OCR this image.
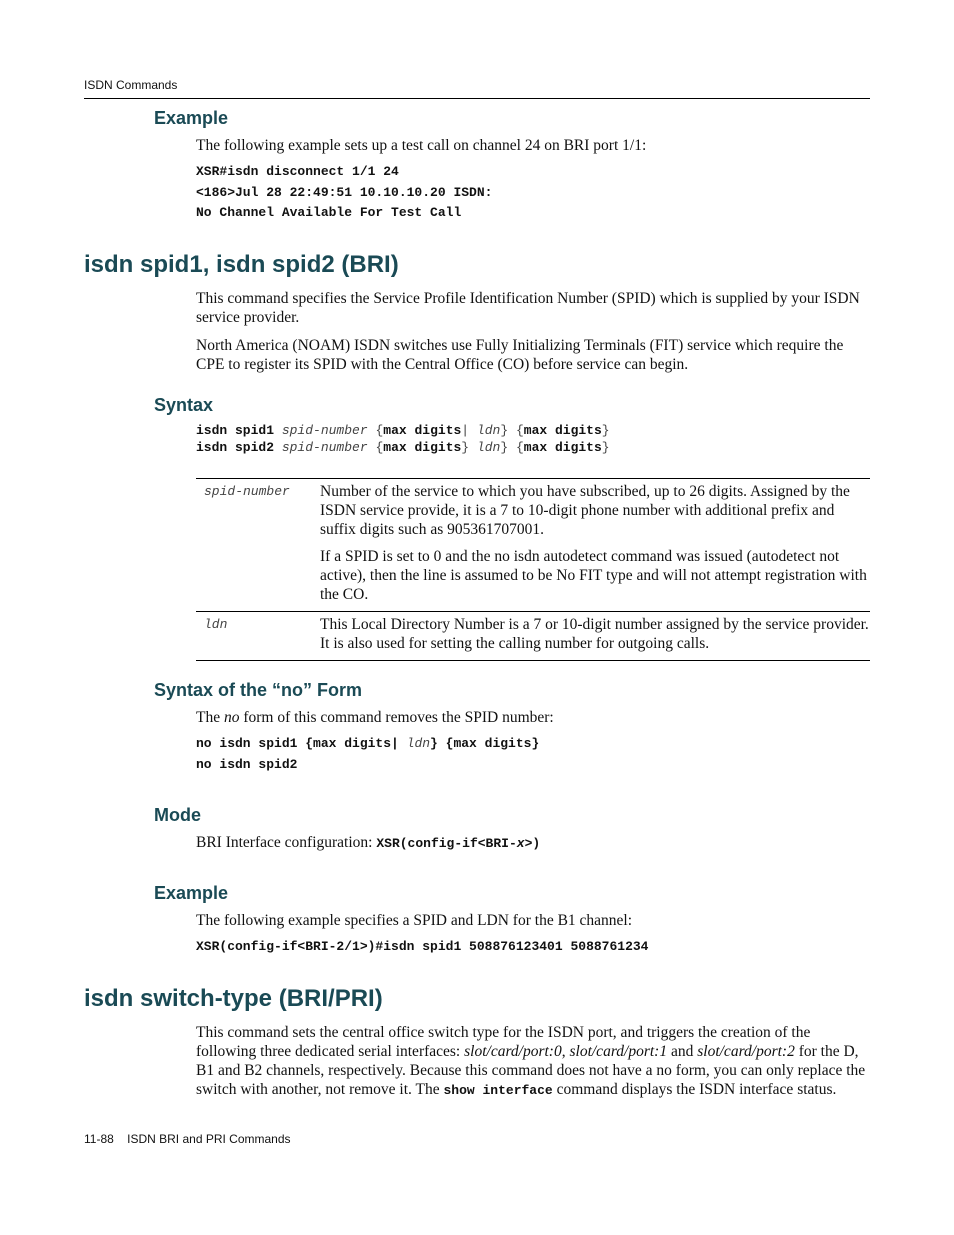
ISDN Commands
Example

The following example sets up a test call on channel 24 on BRI port 1/1:

XSR#isdn disconnect 1/1 24
<186>Jul 28 22:49:51 10.10.10.20 ISDN:
No Channel Available For Test Call
isdn spid1, isdn spid2 (BRI)

This command specifies the Service Profile Identification Number (SPID) which is supplied by your ISDN service provider.

North America (NOAM) ISDN switches use Fully Initializing Terminals (FIT) service which require the CPE to register its SPID with the Central Office (CO) before service can begin.

Syntax
isdn spid1 spid-number {max digits| ldn} {max digits}
isdn spid2 spid-number {max digits} ldn} {max digits}
spid-number	Number of the service to which you have subscribed, up to 26 digits. Assigned by the ISDN service provide, it is a 7 to 10-digit phone number with additional prefix and suffix digits such as 905361707001.

If a SPID is set to 0 and the no isdn autodetect command was issued (autodetect not active), then the line is assumed to be No FIT type and will not attempt registration with the CO.

ldn	This Local Directory Number is a 7 or 10-digit number assigned by the service provider. It is also used for setting the calling number for outgoing calls.

Syntax of the “no” Form

The no form of this command removes the SPID number:

no isdn spid1 {max digits| ldn} {max digits}
no isdn spid2
Mode

BRI Interface configuration: XSR(config-if<BRI-x>)

Example

The following example specifies a SPID and LDN for the B1 channel:

XSR(config-if<BRI-2/1>)#isdn spid1 508876123401 5088761234
isdn switch-type (BRI/PRI)

This command sets the central office switch type for the ISDN port, and triggers the creation of the following three dedicated serial interfaces: slot/card/port:0, slot/card/port:1 and slot/card/port:2 for the D, B1 and B2 channels, respectively. Because this command does not have a no form, you can only replace the switch with another, not remove it. The show interface command displays the ISDN interface status.

11-88    ISDN BRI and PRI Commands
